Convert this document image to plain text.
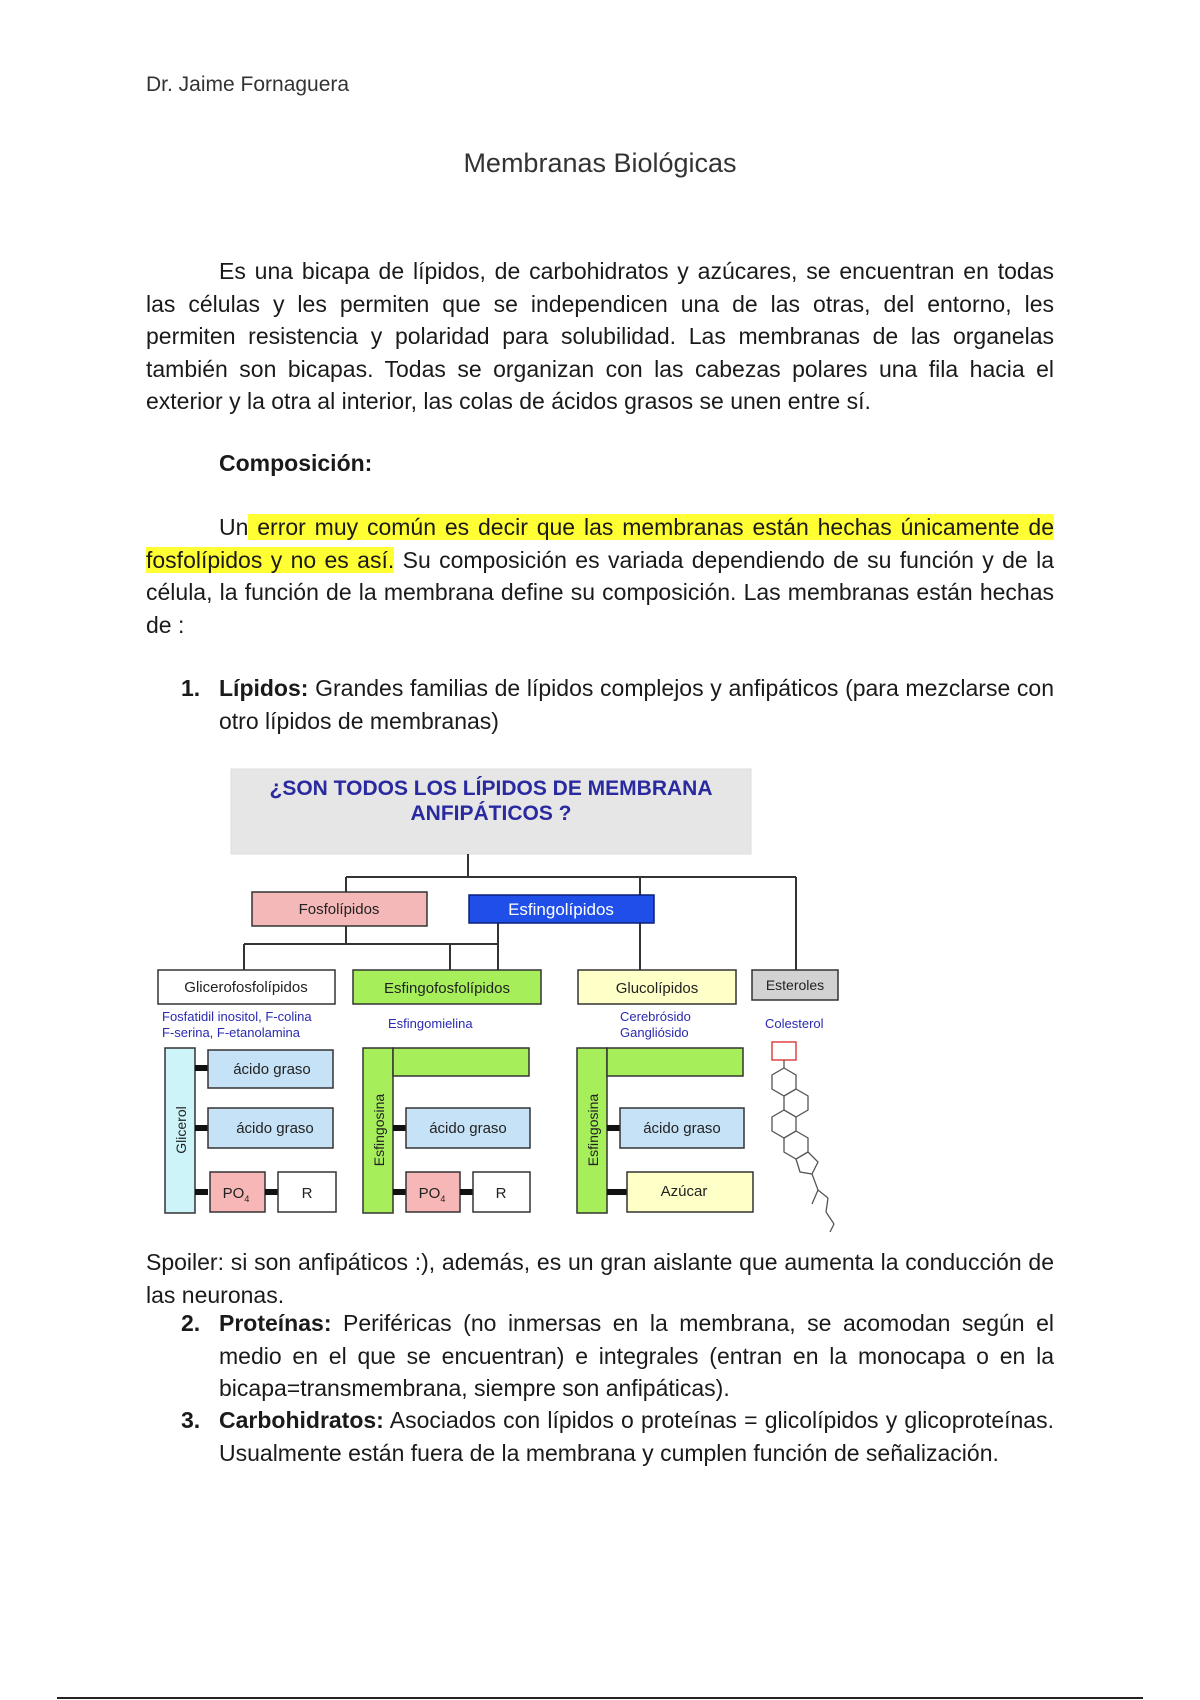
Dr. Jaime Fornaguera
Membranas Biológicas

Es una bicapa de lípidos, de carbohidratos y azúcares, se encuentran en todas las células y les permiten que se independicen una de las otras, del entorno, les permiten resistencia y polaridad para solubilidad. Las membranas de las organelas también son bicapas. Todas se organizan con las cabezas polares una fila hacia el exterior y la otra al interior, las colas de ácidos grasos se unen entre sí.

Composición:

Un error muy común es decir que las membranas están hechas únicamente de fosfolípidos y no es así. Su composición es variada dependiendo de su función y de la célula, la función de la membrana define su composición. Las membranas están hechas de :

1. Lípidos: Grandes familias de lípidos complejos y anfipáticos (para mezclarse con otro lípidos de membranas)

¿SON TODOS LOS LÍPIDOS DE MEMBRANA
ANFIPÁTICOS ?
Fosfolípidos	Esfingolípidos
Glicerofosfolípidos	Esfingofosfolípidos	Glucolípidos	Esteroles
Fosfatidil inositol, F-colina
F-serina, F-etanolamina
Esfingomielina	Cerebrósido
Gangliósido
Colesterol
Glicerol
ácido graso
ácido graso
$PO_4$	R
Esfingosina	ácido graso
$PO_4$	R
Esfingosina	ácido graso
Azúcar

Spoiler: si son anfipáticos :), además, es un gran aislante que aumenta la conducción de las neuronas.

2. Proteínas: Periféricas (no inmersas en la membrana, se acomodan según el medio en el que se encuentran) e integrales (entran en la monocapa o en la bicapa=transmembrana, siempre son anfipáticas).

3. Carbohidratos: Asociados con lípidos o proteínas = glicolípidos y glicoproteínas. Usualmente están fuera de la membrana y cumplen función de señalización.
